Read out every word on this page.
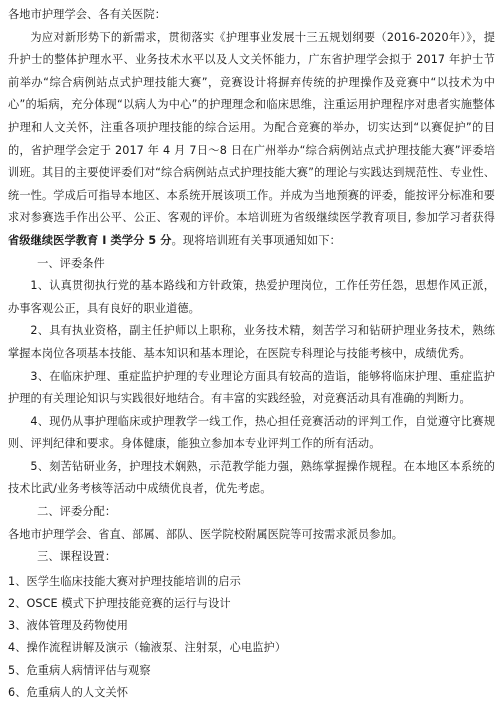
各地市护理学会、各有关医院：

为应对新形势下的新需求，贯彻落实《护理事业发展十三五规划纲要（2016-2020年）》，提升护士的整体护理水平、业务技术水平以及人文关怀能力，广东省护理学会拟于 2017 年护士节前举办“综合病例站点式护理技能大赛”，竞赛设计将摒弃传统的护理操作及竞赛中“以技术为中心”的垢病，充分体现“以病人为中心”的护理理念和临床思维，注重运用护理程序对患者实施整体护理和人文关怀，注重各项护理技能的综合运用。为配合竞赛的举办，切实达到“以赛促护”的目的，省护理学会定于 2017 年 4 月 7日～8 日在广州举办“综合病例站点式护理技能大赛”评委培训班。其目的主要使评委们对“综合病例站点式护理技能大赛”的理论与实践达到规范性、专业性、统一性。学成后可指导本地区、本系统开展该项工作。并成为当地预赛的评委，能按评分标准和要求对参赛选手作出公平、公正、客观的评价。本培训班为省级继续医学教育项目, 参加学习者获得省级继续医学教育 I 类学分 5 分。现将培训班有关事项通知如下：

一、评委条件

1、认真贯彻执行党的基本路线和方针政策，热爱护理岗位，工作任劳任怨，思想作风正派，办事客观公正，具有良好的职业道德。

2、具有执业资格，副主任护师以上职称，业务技术精，刻苦学习和钻研护理业务技术，熟练掌握本岗位各项基本技能、基本知识和基本理论，在医院专科理论与技能考核中，成绩优秀。

3、在临床护理、重症监护护理的专业理论方面具有较高的造诣，能够将临床护理、重症监护护理的有关理论知识与实践很好地结合。有丰富的实践经验，对竞赛活动具有准确的判断力。

4、现仍从事护理临床或护理教学一线工作，热心担任竞赛活动的评判工作，自觉遵守比赛规则、评判纪律和要求。身体健康，能独立参加本专业评判工作的所有活动。

5、刻苦钻研业务，护理技术娴熟，示范教学能力强，熟练掌握操作规程。在本地区本系统的技术比武/业务考核等活动中成绩优良者，优先考虑。

二、评委分配：

各地市护理学会、省直、部属、部队、医学院校附属医院等可按需求派员参加。

三、课程设置：

1、医学生临床技能大赛对护理技能培训的启示

2、OSCE 模式下护理技能竞赛的运行与设计

3、液体管理及药物使用

4、操作流程讲解及演示（输液泵、注射泵，心电监护）

5、危重病人病情评估与观察

6、危重病人的人文关怀
